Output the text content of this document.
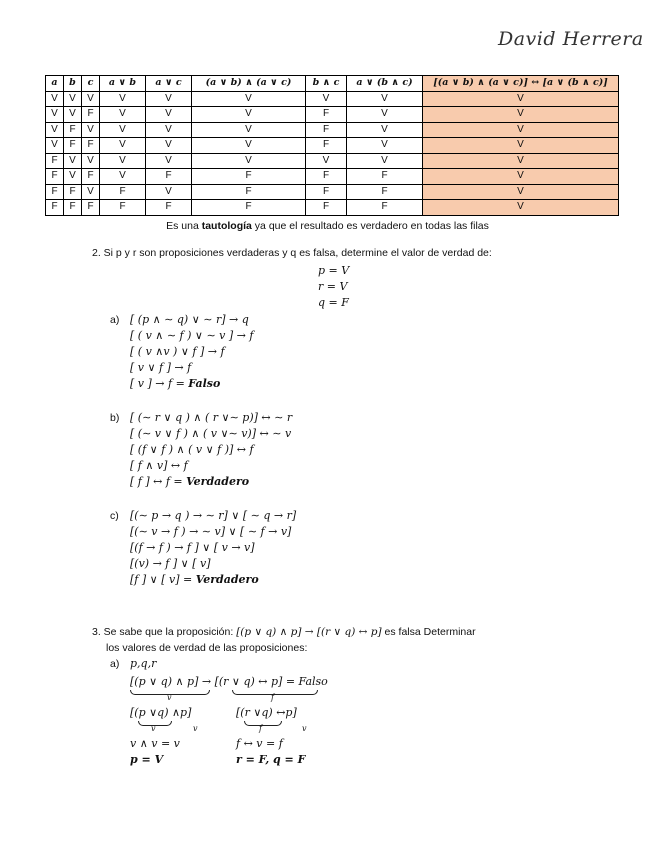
David Herrera
a	b	c	a ∨ b	a ∨ c	(a ∨ b) ∧ (a ∨ c)	b ∧ c	a ∨ (b ∧ c)	[(a ∨ b) ∧ (a ∨ c)] ↔ [a ∨ (b ∧ c)]
V	V	V	V	V	V	V	V	V
V	V	F	V	V	V	F	V	V
V	F	V	V	V	V	F	V	V
V	F	F	V	V	V	F	V	V
F	V	V	V	V	V	V	V	V
F	V	F	V	F	F	F	F	V
F	F	V	F	V	F	F	F	V
F	F	F	F	F	F	F	F	V
Es una tautología ya que el resultado es verdadero en todas las filas
2. Si p y r son proposiciones verdaderas y q es falsa, determine el valor de verdad de:
p = V
r = V
q = F
a) [ (p ∧ ∼ q) ∨ ∼ r] → q
[ ( v ∧ ∼ f ) ∨ ∼ v ] → f
[ ( v ∧v ) ∨ f ] → f
[ v ∨ f ] → f
[ v ] → f = Falso
b) [ (∼ r ∨ q ) ∧ ( r ∨∼ p)] ↔ ∼ r
[ (∼ v ∨ f ) ∧ ( v ∨∼ v)] ↔ ∼ v
[ (f ∨ f ) ∧ ( v ∨ f )] ↔ f
[ f ∧ v] ↔ f
[ f ] ↔ f = Verdadero
c) [(∼ p → q ) → ∼ r] ∨ [ ∼ q → r]
[(∼ v → f ) → ∼ v] ∨ [ ∼ f → v]
[(f → f ) → f ] ∨ [ v → v]
[(v) → f ] ∨ [ v]
[f ] ∨ [ v] = Verdadero
3. Se sabe que la proposición: [(p ∨ q) ∧ p] → [(r ∨ q) ↔ p] es falsa Determinar
los valores de verdad de las proposiciones:
a) p,q,r
[(p ∨ q) ∧ p] → [(r ∨ q) ↔ p] = Falso
v	f
[(p ∨q) ∧p]
v	v
[(r ∨q) ↔p]
f	v
v ∧ v = v	f ↔ v = f
p = V	r = F, q = F
